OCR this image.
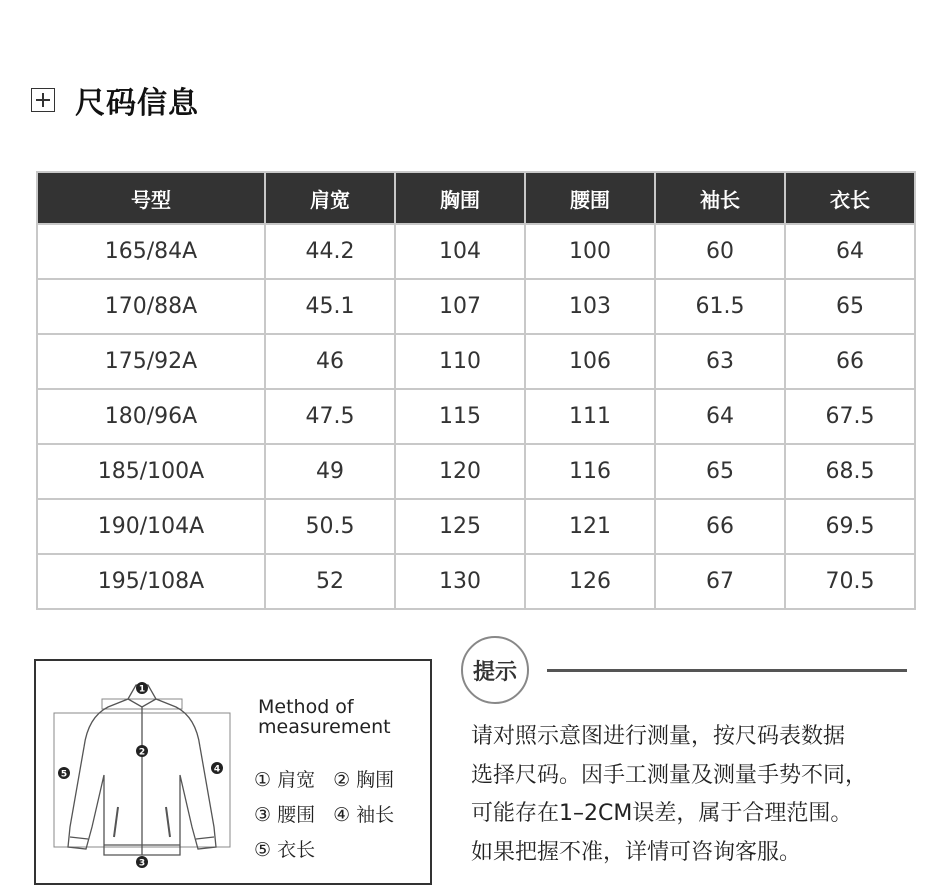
尺码信息
号型	肩宽	胸围	腰围	袖长	衣长
165/84A	44.2	104	100	60	64
170/88A	45.1	107	103	61.5	65
175/92A	46	110	106	63	66
180/96A	47.5	115	111	64	67.5
185/100A	49	120	116	65	68.5
190/104A	50.5	125	121	66	69.5
195/108A	52	130	126	67	70.5
1
2
3
4
5
Method of
measurement
① 肩宽 ② 胸围
③ 腰围 ④ 袖长
⑤ 衣长
提示
请对照示意图进行测量，按尺码表数据
选择尺码。因手工测量及测量手势不同，
可能存在1–2CM误差，属于合理范围。
如果把握不准，详情可咨询客服。
